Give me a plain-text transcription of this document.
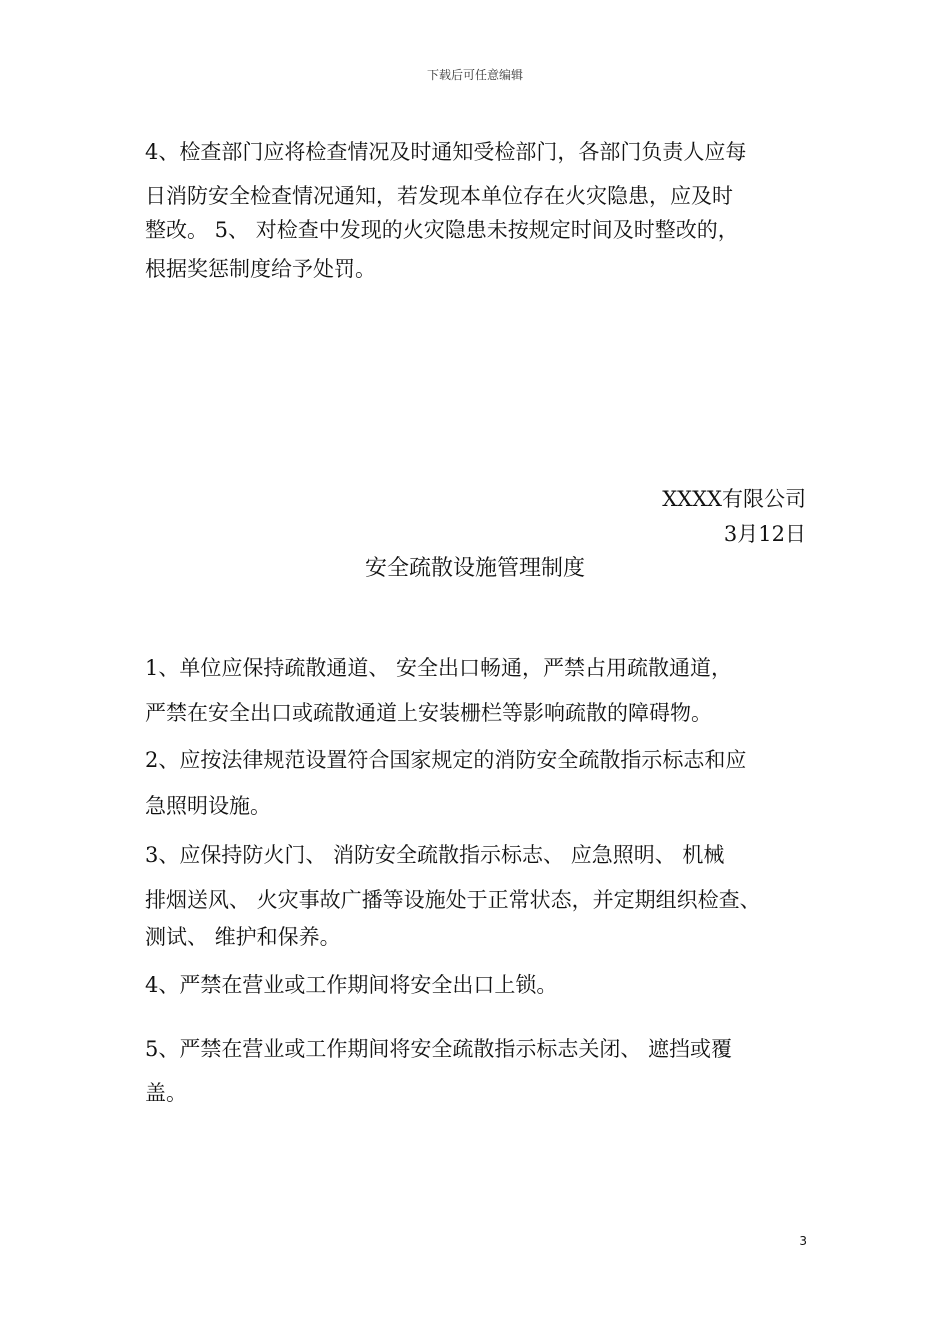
下载后可任意编辑
4、检查部门应将检查情况及时通知受检部门，各部门负责人应每
日消防安全检查情况通知，若发现本单位存在火灾隐患，应及时
整改。 5、 对检查中发现的火灾隐患未按规定时间及时整改的，
根据奖惩制度给予处罚。
XXXX有限公司
3月12日
安全疏散设施管理制度
1、单位应保持疏散通道、 安全出口畅通，严禁占用疏散通道，
严禁在安全出口或疏散通道上安装栅栏等影响疏散的障碍物。
2、应按法律规范设置符合国家规定的消防安全疏散指示标志和应
急照明设施。
3、应保持防火门、 消防安全疏散指示标志、 应急照明、 机械
排烟送风、 火灾事故广播等设施处于正常状态，并定期组织检查、
测试、 维护和保养。
4、严禁在营业或工作期间将安全出口上锁。
5、严禁在营业或工作期间将安全疏散指示标志关闭、 遮挡或覆
盖。
3
